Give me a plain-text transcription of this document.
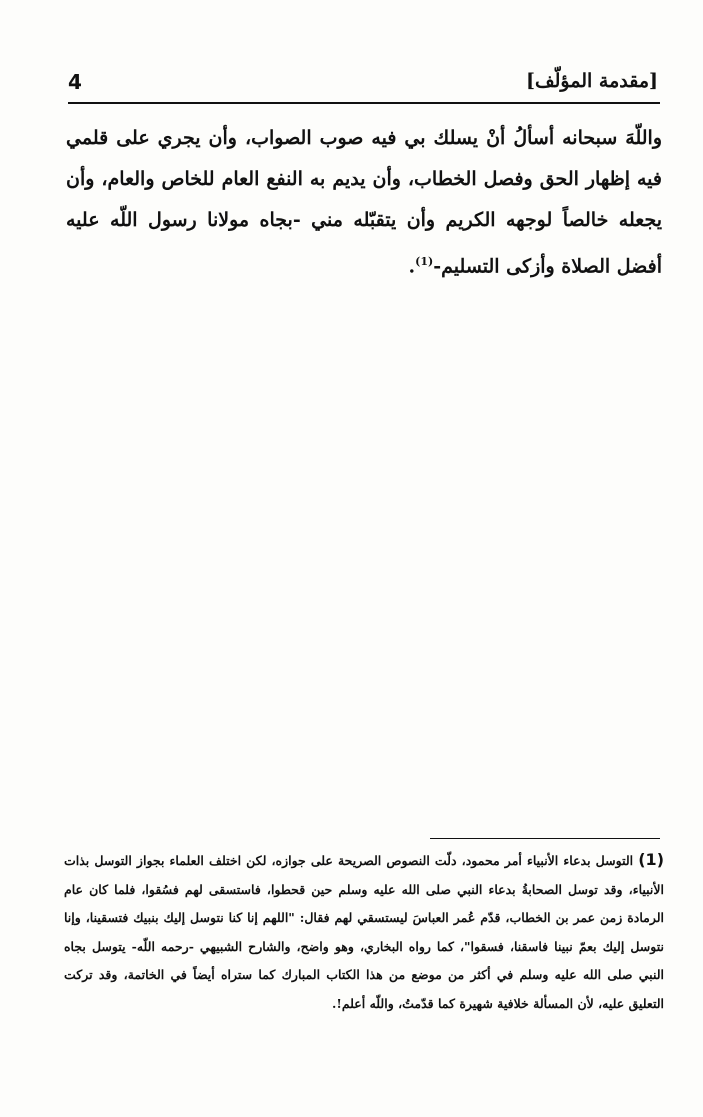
4	[مقدمة المؤلّف]
واللّهَ سبحانه أسألُ أنْ يسلك بي فيه صوب الصواب، وأن يجري على قلمي فيه إظهار الحق وفصل الخطاب، وأن يديم به النفع العام للخاص والعام، وأن يجعله خالصاً لوجهه الكريم وأن يتقبّله مني -بجاه مولانا رسول اللّه عليه أفضل الصلاة وأزكى التسليم-$^{(1)}$.
(1) التوسل بدعاء الأنبياء أمر محمود، دلّت النصوص الصريحة على جوازه، لكن اختلف العلماء بجواز التوسل بذات الأنبياء، وقد توسل الصحابةُ بدعاء النبي صلى الله عليه وسلم حين قحطوا، فاستسقى لهم فسُقوا، فلما كان عام الرمادة زمن عمر بن الخطاب، قدّم عُمر العباسَ ليستسقي لهم فقال: "اللهم إنا كنا نتوسل إليك بنبيك فتسقينا، وإنا نتوسل إليك بعمّ نبينا فاسقنا، فسقوا"، كما رواه البخاري، وهو واضح، والشارح الشبيهي -رحمه اللّه- يتوسل بجاه النبي صلى الله عليه وسلم في أكثر من موضع من هذا الكتاب المبارك كما ستراه أيضاً في الخاتمة، وقد تركت التعليق عليه، لأن المسألة خلافية شهيرة كما قدّمتُ، واللّه أعلم!.
